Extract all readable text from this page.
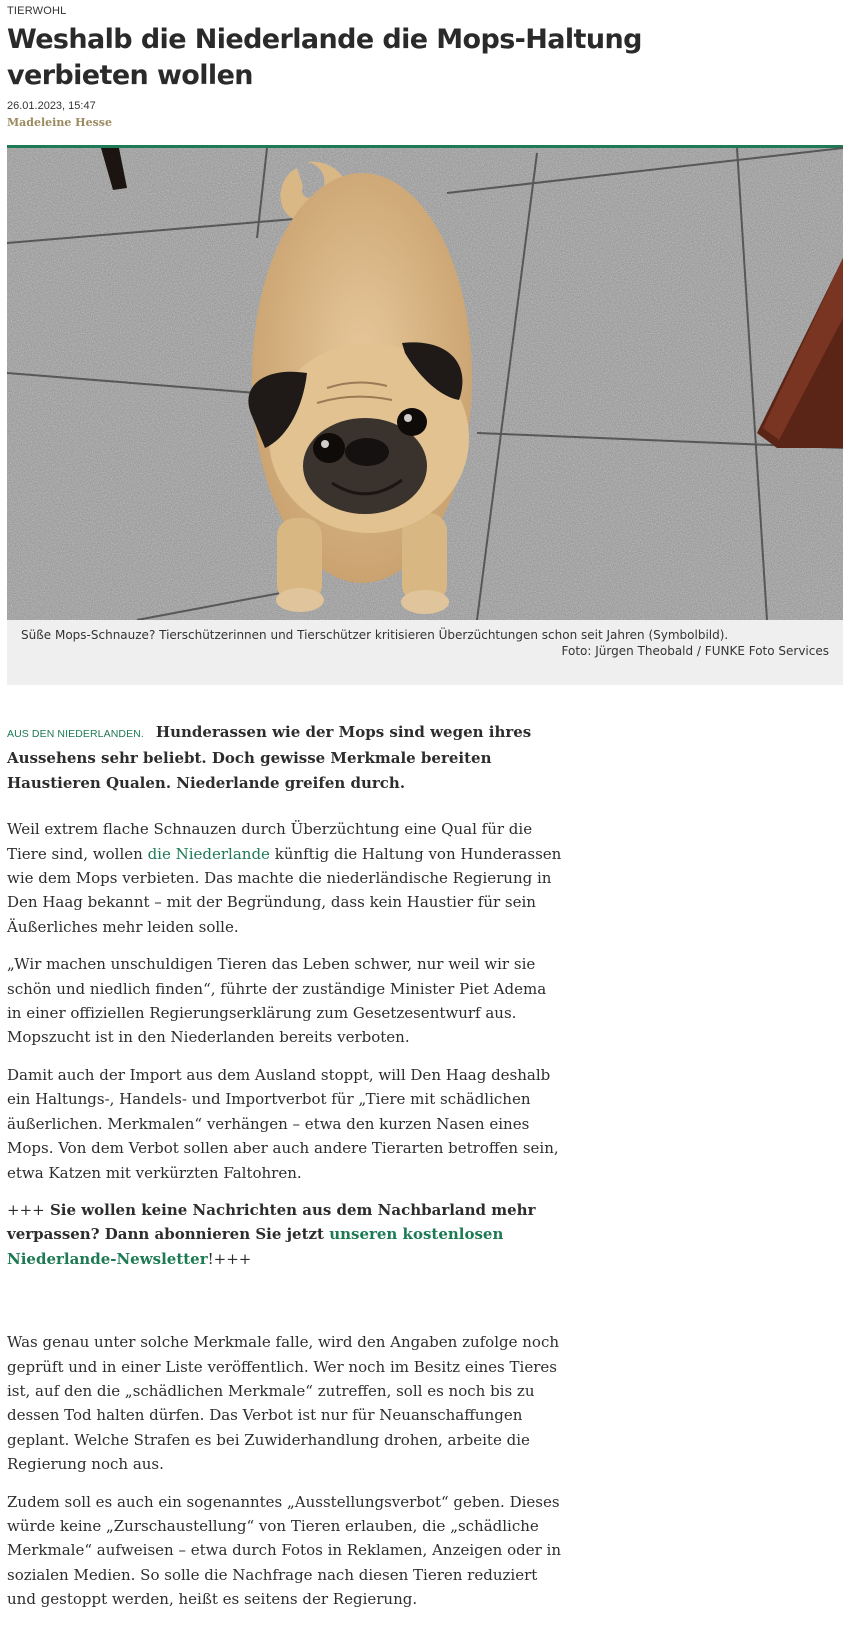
TIERWOHL
Weshalb die Niederlande die Mops-Haltung verbieten wollen
26.01.2023, 15:47
Madeleine Hesse
Süße Mops-Schnauze? Tierschützerinnen und Tierschützer kritisieren Überzüchtungen schon seit Jahren (Symbolbild).
Foto: Jürgen Theobald / FUNKE Foto Services

AUS DEN NIEDERLANDEN. Hunderassen wie der Mops sind wegen ihres Aussehens sehr beliebt. Doch gewisse Merkmale bereiten Haustieren Qualen. Niederlande greifen durch.

Weil extrem flache Schnauzen durch Überzüchtung eine Qual für die Tiere sind, wollen die Niederlande künftig die Haltung von Hunderassen wie dem Mops verbieten. Das machte die niederländische Regierung in Den Haag bekannt – mit der Begründung, dass kein Haustier für sein Äußerliches mehr leiden solle.

„Wir machen unschuldigen Tieren das Leben schwer, nur weil wir sie schön und niedlich finden“, führte der zuständige Minister Piet Adema in einer offiziellen Regierungserklärung zum Gesetzesentwurf aus. Mopszucht ist in den Niederlanden bereits verboten.

Damit auch der Import aus dem Ausland stoppt, will Den Haag deshalb ein Haltungs-, Handels- und Importverbot für „Tiere mit schädlichen äußerlichen. Merkmalen“ verhängen – etwa den kurzen Nasen eines Mops. Von dem Verbot sollen aber auch andere Tierarten betroffen sein, etwa Katzen mit verkürzten Faltohren.

+++ Sie wollen keine Nachrichten aus dem Nachbarland mehr verpassen? Dann abonnieren Sie jetzt unseren kostenlosen Niederlande-Newsletter!+++

Was genau unter solche Merkmale falle, wird den Angaben zufolge noch geprüft und in einer Liste veröffentlich. Wer noch im Besitz eines Tieres ist, auf den die „schädlichen Merkmale“ zutreffen, soll es noch bis zu dessen Tod halten dürfen. Das Verbot ist nur für Neuanschaffungen geplant. Welche Strafen es bei Zuwiderhandlung drohen, arbeite die Regierung noch aus.

Zudem soll es auch ein sogenanntes „Ausstellungsverbot“ geben. Dieses würde keine „Zurschaustellung“ von Tieren erlauben, die „schädliche Merkmale“ aufweisen – etwa durch Fotos in Reklamen, Anzeigen oder in sozialen Medien. So solle die Nachfrage nach diesen Tieren reduziert und gestoppt werden, heißt es seitens der Regierung.
